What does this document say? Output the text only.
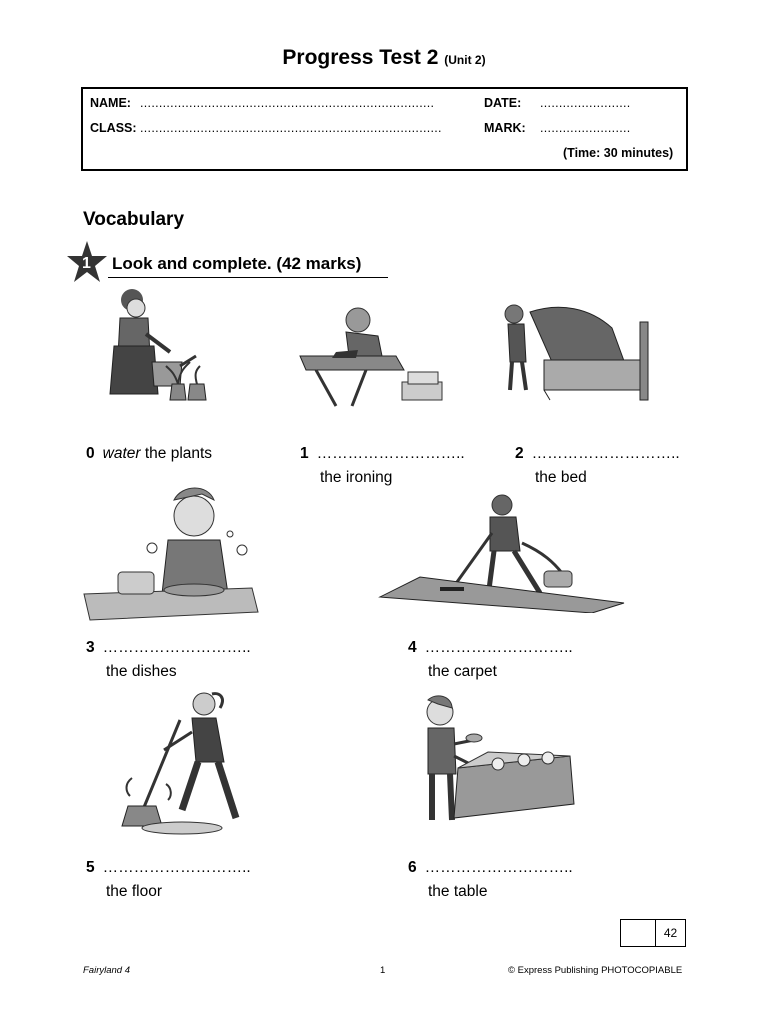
Progress Test 2 (Unit 2)
NAME: ..............................................................................	DATE: ........................
CLASS: ................................................................................	MARK: ........................
(Time: 30 minutes)
Vocabulary
1 Look and complete. (42 marks)
0 water the plants	1 ………………………..
the ironing
2 ………………………..
the bed
3 ………………………..
the dishes
4 ………………………..
the carpet
5 ………………………..
the floor
6 ………………………..
the table
42
Fairyland 4	1	© Express Publishing PHOTOCOPIABLE
